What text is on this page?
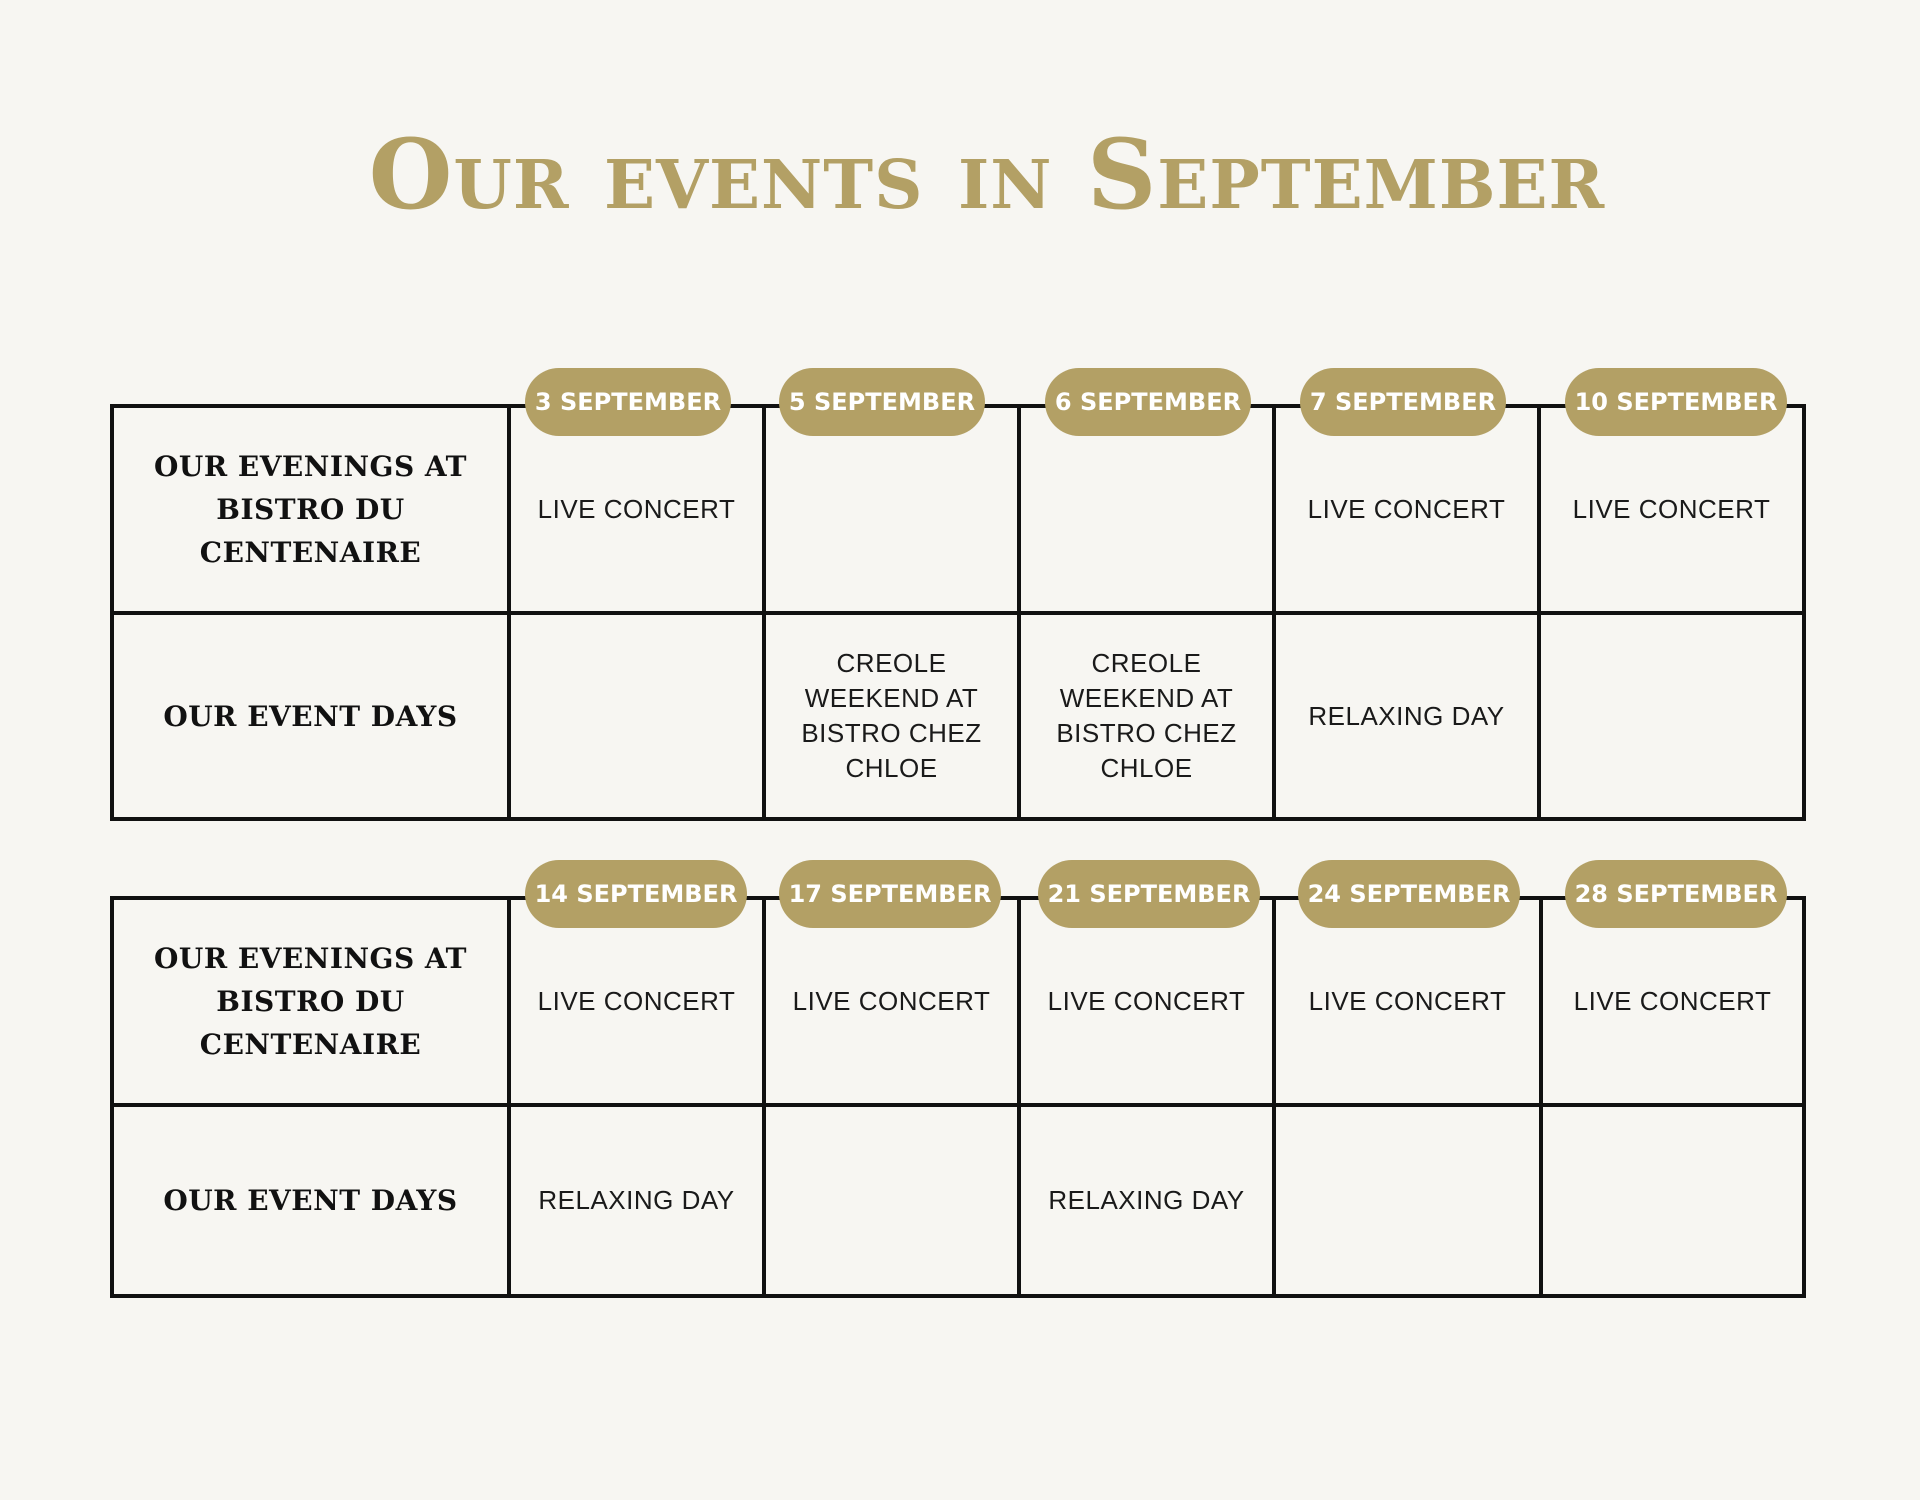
Our events in September
3 SEPTEMBER	5 SEPTEMBER	6 SEPTEMBER	7 SEPTEMBER	10 SEPTEMBER
OUR EVENINGS AT BISTRO DU CENTENAIRE	LIVE CONCERT			LIVE CONCERT	LIVE CONCERT
OUR EVENT DAYS		CREOLE WEEKEND AT BISTRO CHEZ CHLOE	CREOLE WEEKEND AT BISTRO CHEZ CHLOE	RELAXING DAY	
14 SEPTEMBER	17 SEPTEMBER	21 SEPTEMBER	24 SEPTEMBER	28 SEPTEMBER
OUR EVENINGS AT BISTRO DU CENTENAIRE	LIVE CONCERT	LIVE CONCERT	LIVE CONCERT	LIVE CONCERT	LIVE CONCERT
OUR EVENT DAYS	RELAXING DAY		RELAXING DAY		
